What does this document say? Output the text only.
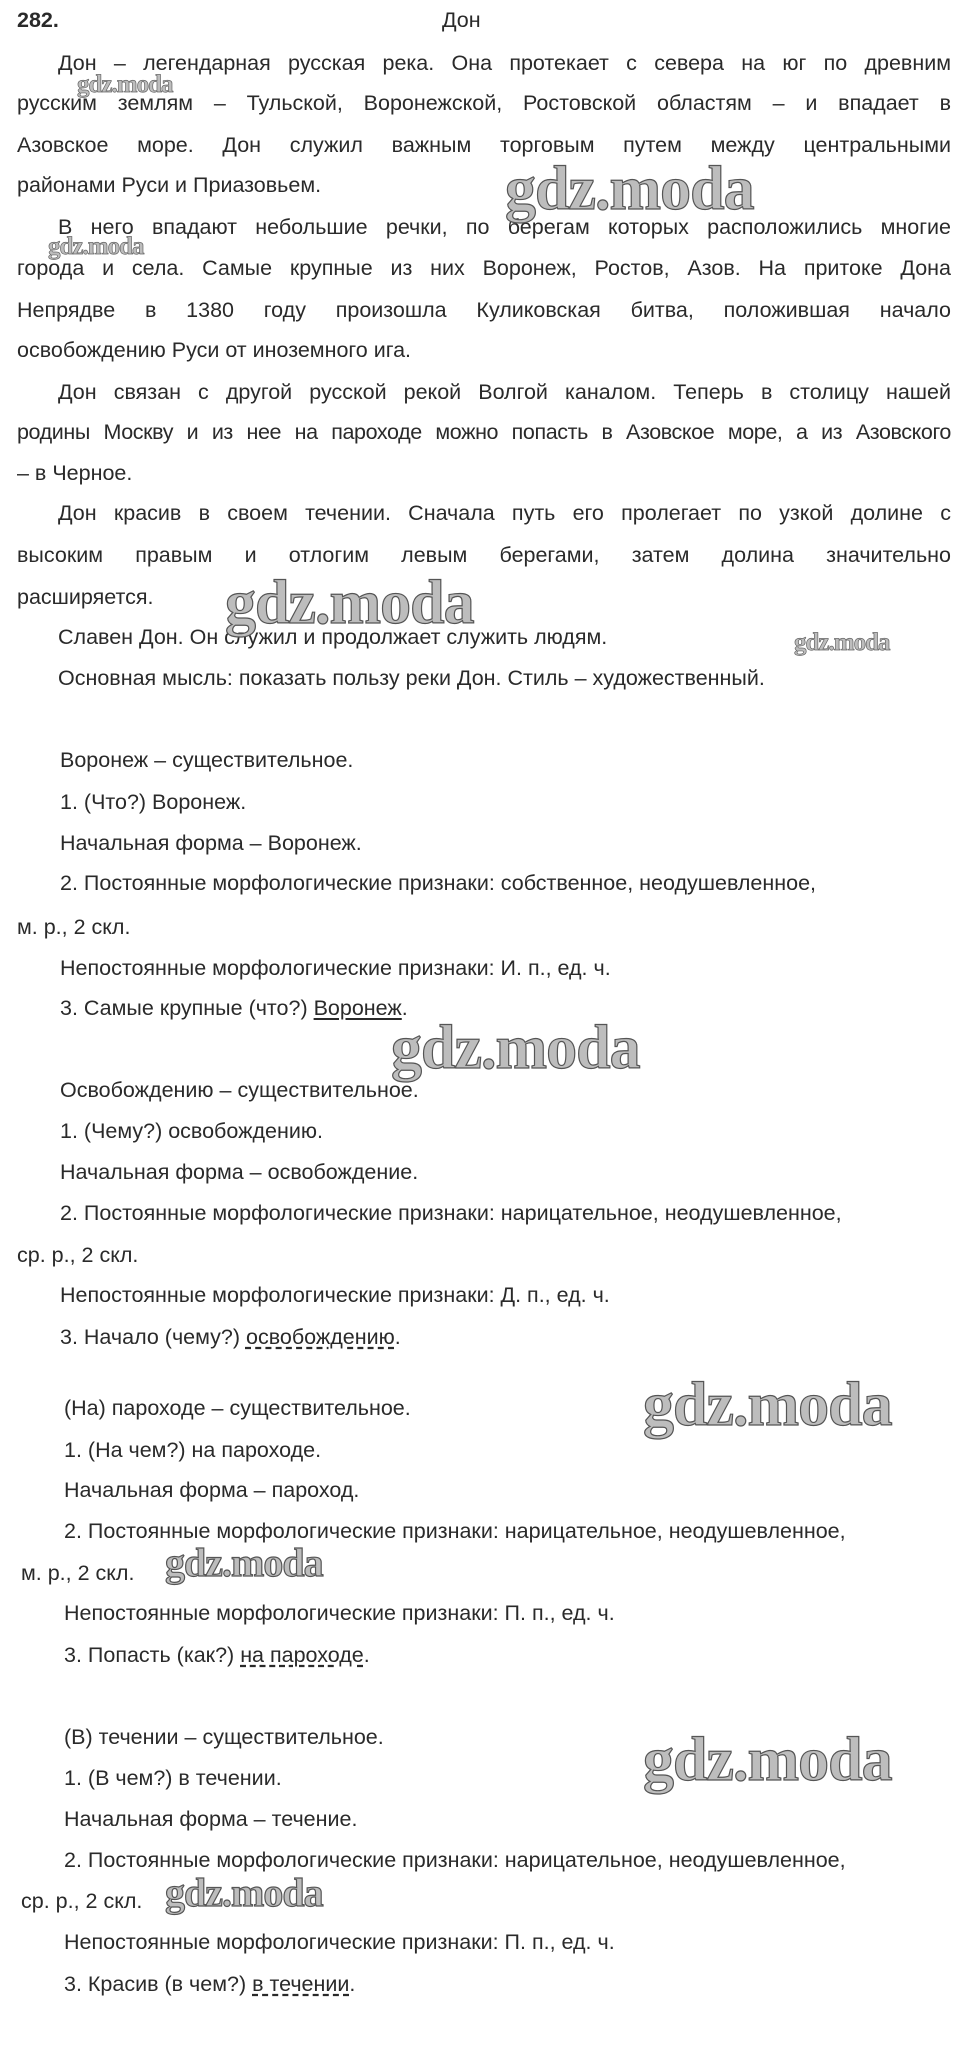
282.	Дон
Дон – легендарная русская река. Она протекает с севера на юг по древним
русским землям – Тульской, Воронежской, Ростовской областям – и впадает в
Азовское море. Дон служил важным торговым путем между центральными
районами Руси и Приазовьем.
В него впадают небольшие речки, по берегам которых расположились многие
города и села. Самые крупные из них Воронеж, Ростов, Азов. На притоке Дона
Непрядве в 1380 году произошла Куликовская битва, положившая начало
освобождению Руси от иноземного ига.
Дон связан с другой русской рекой Волгой каналом. Теперь в столицу нашей
родины Москву и из нее на пароходе можно попасть в Азовское море, а из Азовского
– в Черное.
Дон красив в своем течении. Сначала путь его пролегает по узкой долине с
высоким правым и отлогим левым берегами, затем долина значительно
расширяется.
Славен Дон. Он служил и продолжает служить людям.
Основная мысль: показать пользу реки Дон. Стиль – художественный.
Воронеж – существительное.
1. (Что?) Воронеж.
Начальная форма – Воронеж.
2. Постоянные морфологические признаки: собственное, неодушевленное,
м. р., 2 скл.
Непостоянные морфологические признаки: И. п., ед. ч.
3. Самые крупные (что?) Воронеж.
Освобождению – существительное.
1. (Чему?) освобождению.
Начальная форма – освобождение.
2. Постоянные морфологические признаки: нарицательное, неодушевленное,
ср. р., 2 скл.
Непостоянные морфологические признаки: Д. п., ед. ч.
3. Начало (чему?) освобождению.
(На) пароходе – существительное.
1. (На чем?) на пароходе.
Начальная форма – пароход.
2. Постоянные морфологические признаки: нарицательное, неодушевленное,
м. р., 2 скл.
Непостоянные морфологические признаки: П. п., ед. ч.
3. Попасть (как?) на пароходе.
(В) течении – существительное.
1. (В чем?) в течении.
Начальная форма – течение.
2. Постоянные морфологические признаки: нарицательное, неодушевленное,
ср. р., 2 скл.
Непостоянные морфологические признаки: П. п., ед. ч.
3. Красив (в чем?) в течении.
gdz.moda
gdz.moda
gdz.moda
gdz.moda
gdz.moda
gdz.moda
gdz.moda
gdz.moda
gdz.moda
gdz.moda
